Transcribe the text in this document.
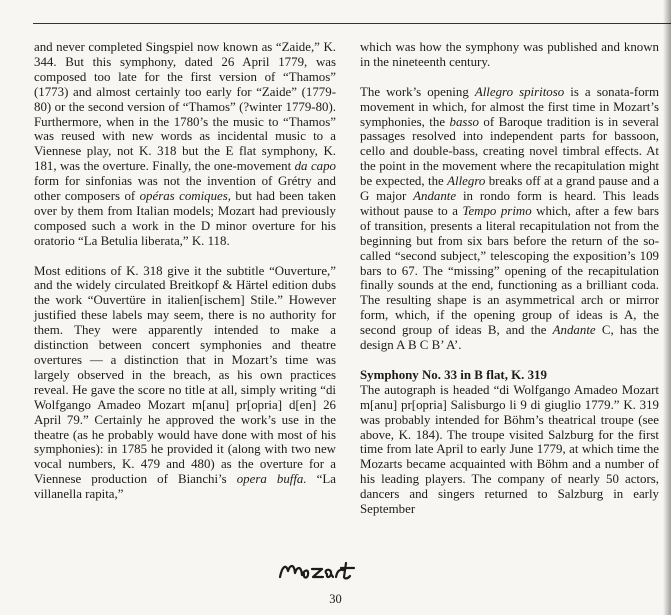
and never completed Singspiel now known as “Zaide,” K. 344. But this symphony, dated 26 April 1779, was composed too late for the first version of “Thamos” (1773) and almost certainly too early for “Zaide” (1779-80) or the second version of “Thamos” (?winter 1779-80). Furthermore, when in the 1780’s the music to “Thamos” was reused with new words as incidental music to a Viennese play, not K. 318 but the E flat symphony, K. 181, was the overture. Finally, the one-movement da capo form for sinfonias was not the invention of Grétry and other composers of opéras comiques, but had been taken over by them from Italian models; Mozart had previously composed such a work in the D minor overture for his oratorio “La Betulia liberata,” K. 118.

Most editions of K. 318 give it the subtitle “Ouverture,” and the widely circulated Breitkopf & Härtel edition dubs the work “Ouvertüre in italien[ischem] Stile.” However justified these labels may seem, there is no authority for them. They were apparently intended to make a distinction between concert symphonies and theatre overtures — a distinction that in Mozart’s time was largely observed in the breach, as his own practices reveal. He gave the score no title at all, simply writing “di Wolfgango Amadeo Mozart m[anu] pr[opria] d[en] 26 April 79.” Certainly he approved the work’s use in the theatre (as he probably would have done with most of his symphonies): in 1785 he provided it (along with two new vocal numbers, K. 479 and 480) as the overture for a Viennese production of Bianchi’s opera buffa. “La villanella rapita,”

which was how the symphony was published and known in the nineteenth century.

The work’s opening Allegro spiritoso is a sonata-form movement in which, for almost the first time in Mozart’s symphonies, the basso of Baroque tradition is in several passages resolved into independent parts for bassoon, cello and double-bass, creating novel timbral effects. At the point in the movement where the recapitulation might be expected, the Allegro breaks off at a grand pause and a G major Andante in rondo form is heard. This leads without pause to a Tempo primo which, after a few bars of transition, presents a literal recapitulation not from the beginning but from six bars before the return of the so-called “second subject,” telescoping the exposition’s 109 bars to 67. The “missing” opening of the recapitulation finally sounds at the end, functioning as a brilliant coda. The resulting shape is an asymmetrical arch or mirror form, which, if the opening group of ideas is A, the second group of ideas B, and the Andante C, has the design A B C B’ A’.

Symphony No. 33 in B flat, K. 319

The autograph is headed “di Wolfgango Amadeo Mozart m[anu] pr[opria] Salisburgo li 9 di giuglio 1779.” K. 319 was probably intended for Böhm’s theatrical troupe (see above, K. 184). The troupe visited Salzburg for the first time from late April to early June 1779, at which time the Mozarts became acquainted with Böhm and a number of his leading players. The company of nearly 50 actors, dancers and singers returned to Salzburg in early September

30
